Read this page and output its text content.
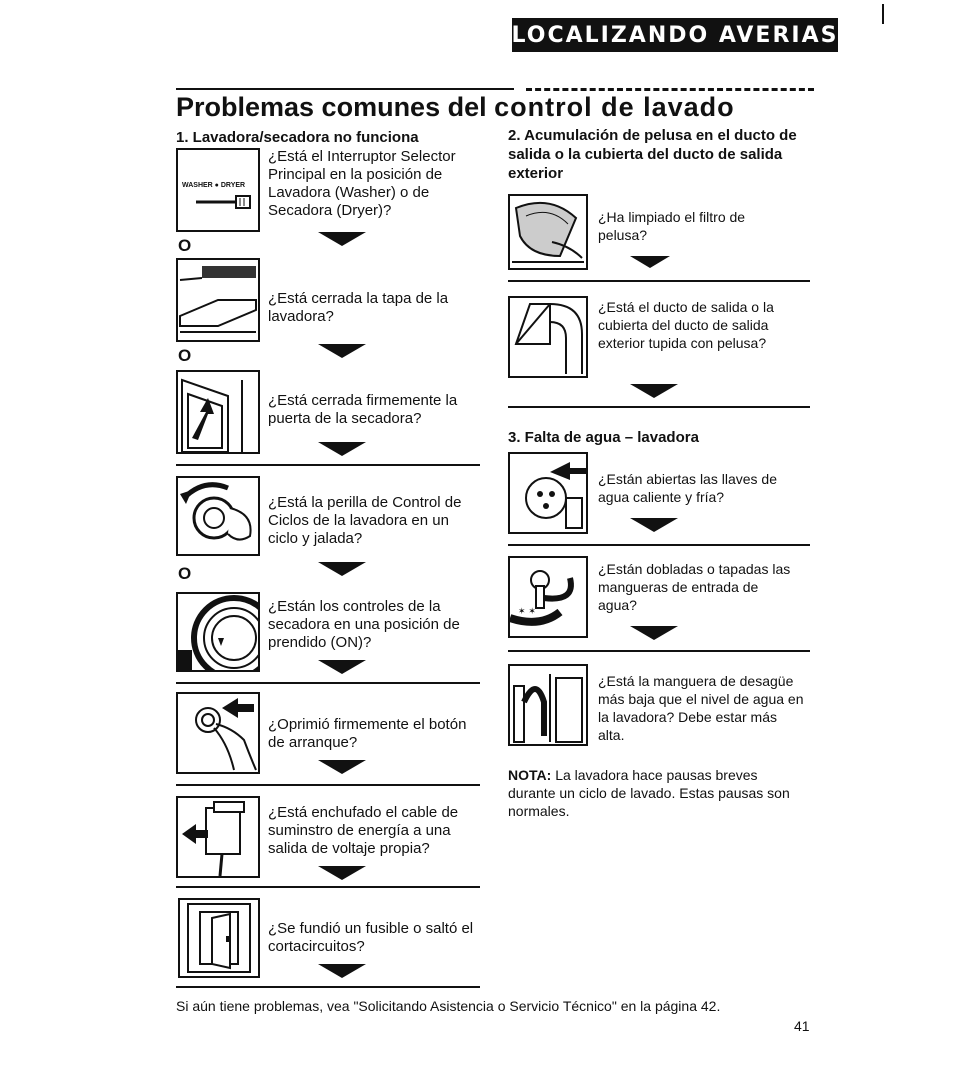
LOCALIZANDO AVERIAS
Problemas comunes del control de lavado
1. Lavadora/secadora no funciona
WASHER ● DRYER
¿Está el Interruptor Selector Principal en la posición de Lavadora (Washer) o de Secadora (Dryer)?
O
¿Está cerrada la tapa de la lavadora?
O
¿Está cerrada firmemente la puerta de la secadora?
¿Está la perilla de Control de Ciclos de la lavadora en un ciclo y jalada?
O
¿Están los controles de la secadora en una posición de prendido (ON)?
¿Oprimió firmemente el botón de arranque?
¿Está enchufado el cable de suminstro de energía a una salida de voltaje propia?
¿Se fundió un fusible o saltó el cortacircuitos?
2. Acumulación de pelusa en el ducto de salida o la cubierta del ducto de salida exterior
¿Ha limpiado el filtro de pelusa?
¿Está el ducto de salida o la cubierta del ducto de salida exterior tupida con pelusa?
3. Falta de agua – lavadora
¿Están abiertas las llaves de agua caliente y fría?
✶ ✶
¿Están dobladas o tapadas las mangueras de entrada de agua?
¿Está la manguera de desagüe más baja que el nivel de agua en la lavadora? Debe estar más alta.
NOTA: La lavadora hace pausas breves durante un ciclo de lavado. Estas pausas son normales.
Si aún tiene problemas, vea "Solicitando Asistencia o Servicio Técnico" en la página 42.
41
